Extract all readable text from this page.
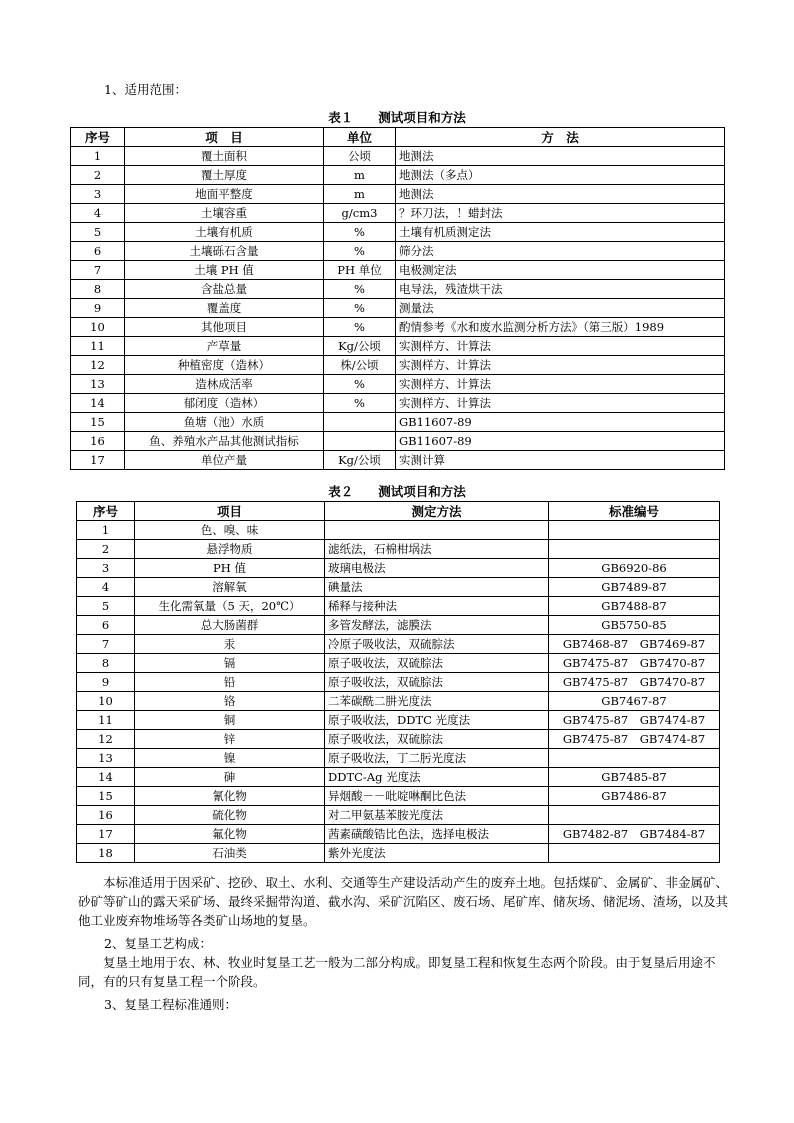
1、适用范围：
表１　　测试项目和方法
序号	项　目	单位	方　法
1	覆土面积	公顷	地测法
2	覆土厚度	m	地测法（多点）
3	地面平整度	m	地测法
4	土壤容重	g/cm3	？环刀法，！蜡封法
5	土壤有机质	%	土壤有机质测定法
6	土壤砾石含量	%	筛分法
7	土壤 PH 值	PH 单位	电极测定法
8	含盐总量	%	电导法，残渣烘干法
9	覆盖度	%	测量法
10	其他项目	%	酌情参考《水和废水监测分析方法》（第三版）1989
11	产草量	Kg/公顷	实测样方、计算法
12	种植密度（造林）	株/公顷	实测样方、计算法
13	造林成活率	%	实测样方、计算法
14	郁闭度（造林）	%	实测样方、计算法
15	鱼塘（池）水质		GB11607-89
16	鱼、养殖水产品其他测试指标		GB11607-89
17	单位产量	Kg/公顷	实测计算
表２　　测试项目和方法
序号	项目	测定方法	标准编号
1	色、嗅、味		
2	悬浮物质	滤纸法，石棉柑埚法	
3	PH 值	玻璃电极法	GB6920-86
4	溶解氧	碘量法	GB7489-87
5	生化需氧量（5 天，20℃）	稀释与接种法	GB7488-87
6	总大肠菌群	多管发酵法，滤膜法	GB5750-85
7	汞	冷原子吸收法，双硫腙法	GB7468-87　GB7469-87
8	镉	原子吸收法，双硫腙法	GB7475-87　GB7470-87
9	铅	原子吸收法，双硫腙法	GB7475-87　GB7470-87
10	铬	二苯碳酰二肼光度法	GB7467-87
11	铜	原子吸收法，DDTC 光度法	GB7475-87　GB7474-87
12	锌	原子吸收法，双硫腙法	GB7475-87　GB7474-87
13	镍	原子吸收法，丁二肟光度法	
14	砷	DDTC-Ag 光度法	GB7485-87
15	氰化物	异烟酸－－吡啶啉酮比色法	GB7486-87
16	硫化物	对二甲氨基苯胺光度法	
17	氟化物	茜素磺酸锆比色法，选择电极法	GB7482-87　GB7484-87
18	石油类	紫外光度法	
本标准适用于因采矿、挖砂、取土、水利、交通等生产建设活动产生的废弃土地。包括煤矿、金属矿、非金属矿、砂矿等矿山的露天采矿场、最终采掘带沟道、截水沟、采矿沉陷区、废石场、尾矿库、储灰场、储泥场、渣场，以及其他工业废弃物堆场等各类矿山场地的复垦。
2、复垦工艺构成：
复垦土地用于农、林、牧业时复垦工艺一般为二部分构成。即复垦工程和恢复生态两个阶段。由于复垦后用途不同，有的只有复垦工程一个阶段。
3、复垦工程标准通则：
